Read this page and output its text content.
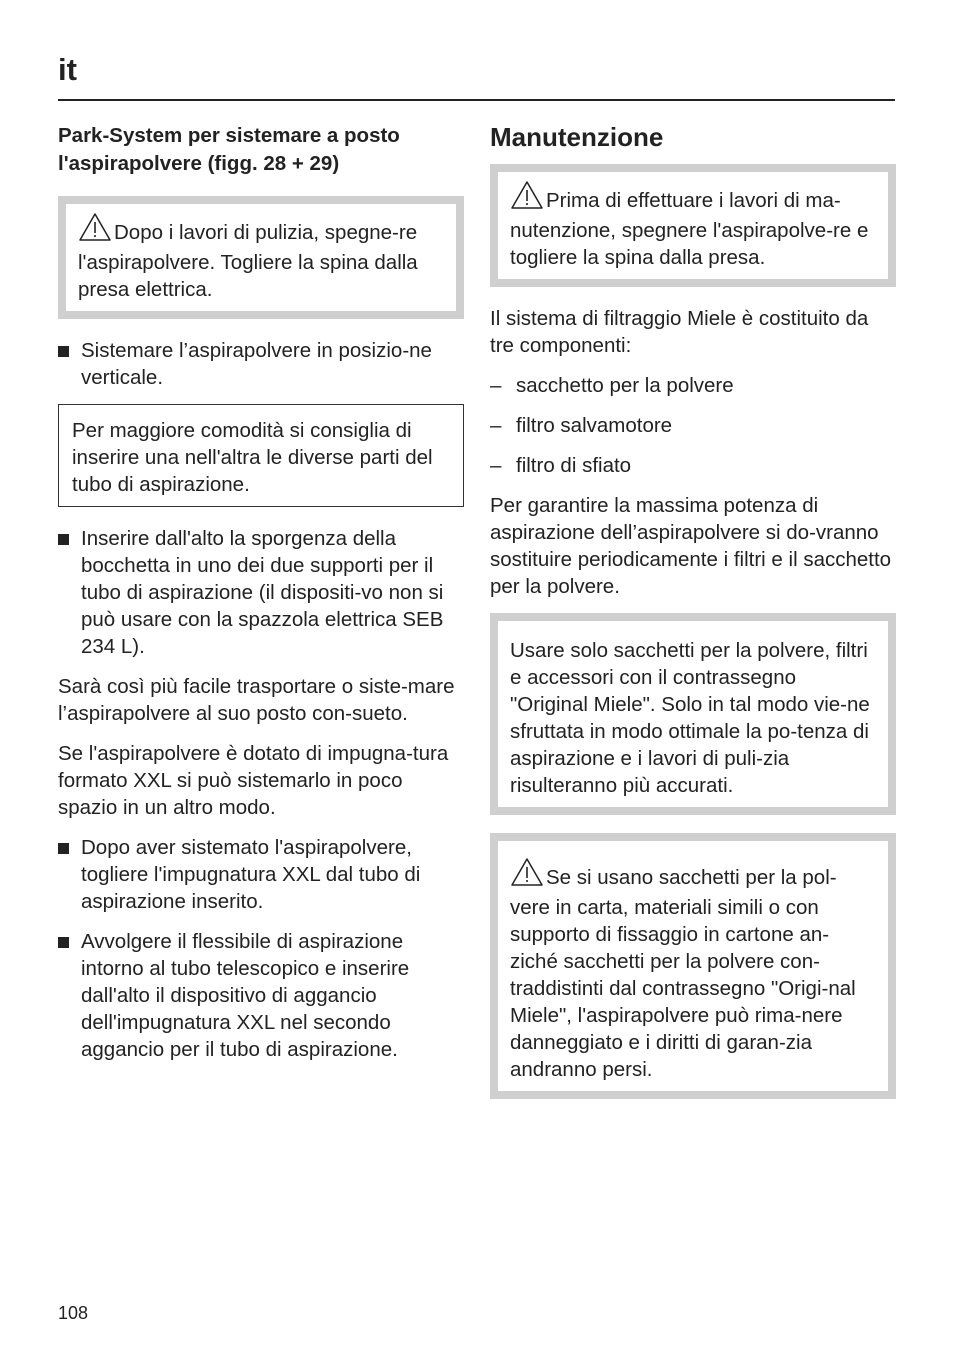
it
Park-System per sistemare a posto l'aspirapolvere (figg. 28 + 29)
Dopo i lavori di pulizia, spegne-re l'aspirapolvere. Togliere la spina dalla presa elettrica.
Sistemare l’aspirapolvere in posizio-ne verticale.
Per maggiore comodità si consiglia di inserire una nell'altra le diverse parti del tubo di aspirazione.
Inserire dall'alto la sporgenza della bocchetta in uno dei due supporti per il tubo di aspirazione (il dispositi-vo non si può usare con la spazzola elettrica SEB 234 L).
Sarà così più facile trasportare o siste-mare l’aspirapolvere al suo posto con-sueto.
Se l'aspirapolvere è dotato di impugna-tura formato XXL si può sistemarlo in poco spazio in un altro modo.
Dopo aver sistemato l'aspirapolvere, togliere l'impugnatura XXL dal tubo di aspirazione inserito.
Avvolgere il flessibile di aspirazione intorno al tubo telescopico e inserire dall'alto il dispositivo di aggancio dell'impugnatura XXL nel secondo aggancio per il tubo di aspirazione.
Manutenzione
Prima di effettuare i lavori di ma-nutenzione, spegnere l'aspirapolve-re e togliere la spina dalla presa.
Il sistema di filtraggio Miele è costituito da tre componenti:
– sacchetto per la polvere
– filtro salvamotore
– filtro di sfiato
Per garantire la massima potenza di aspirazione dell’aspirapolvere si do-vranno sostituire periodicamente i filtri e il sacchetto per la polvere.
Usare solo sacchetti per la polvere, filtri e accessori con il contrassegno "Original Miele". Solo in tal modo vie-ne sfruttata in modo ottimale la po-tenza di aspirazione e i lavori di puli-zia risulteranno più accurati.
Se si usano sacchetti per la pol-vere in carta, materiali simili o con supporto di fissaggio in cartone an-ziché sacchetti per la polvere con-traddistinti dal contrassegno "Origi-nal Miele", l'aspirapolvere può rima-nere danneggiato e i diritti di garan-zia andranno persi.
108
